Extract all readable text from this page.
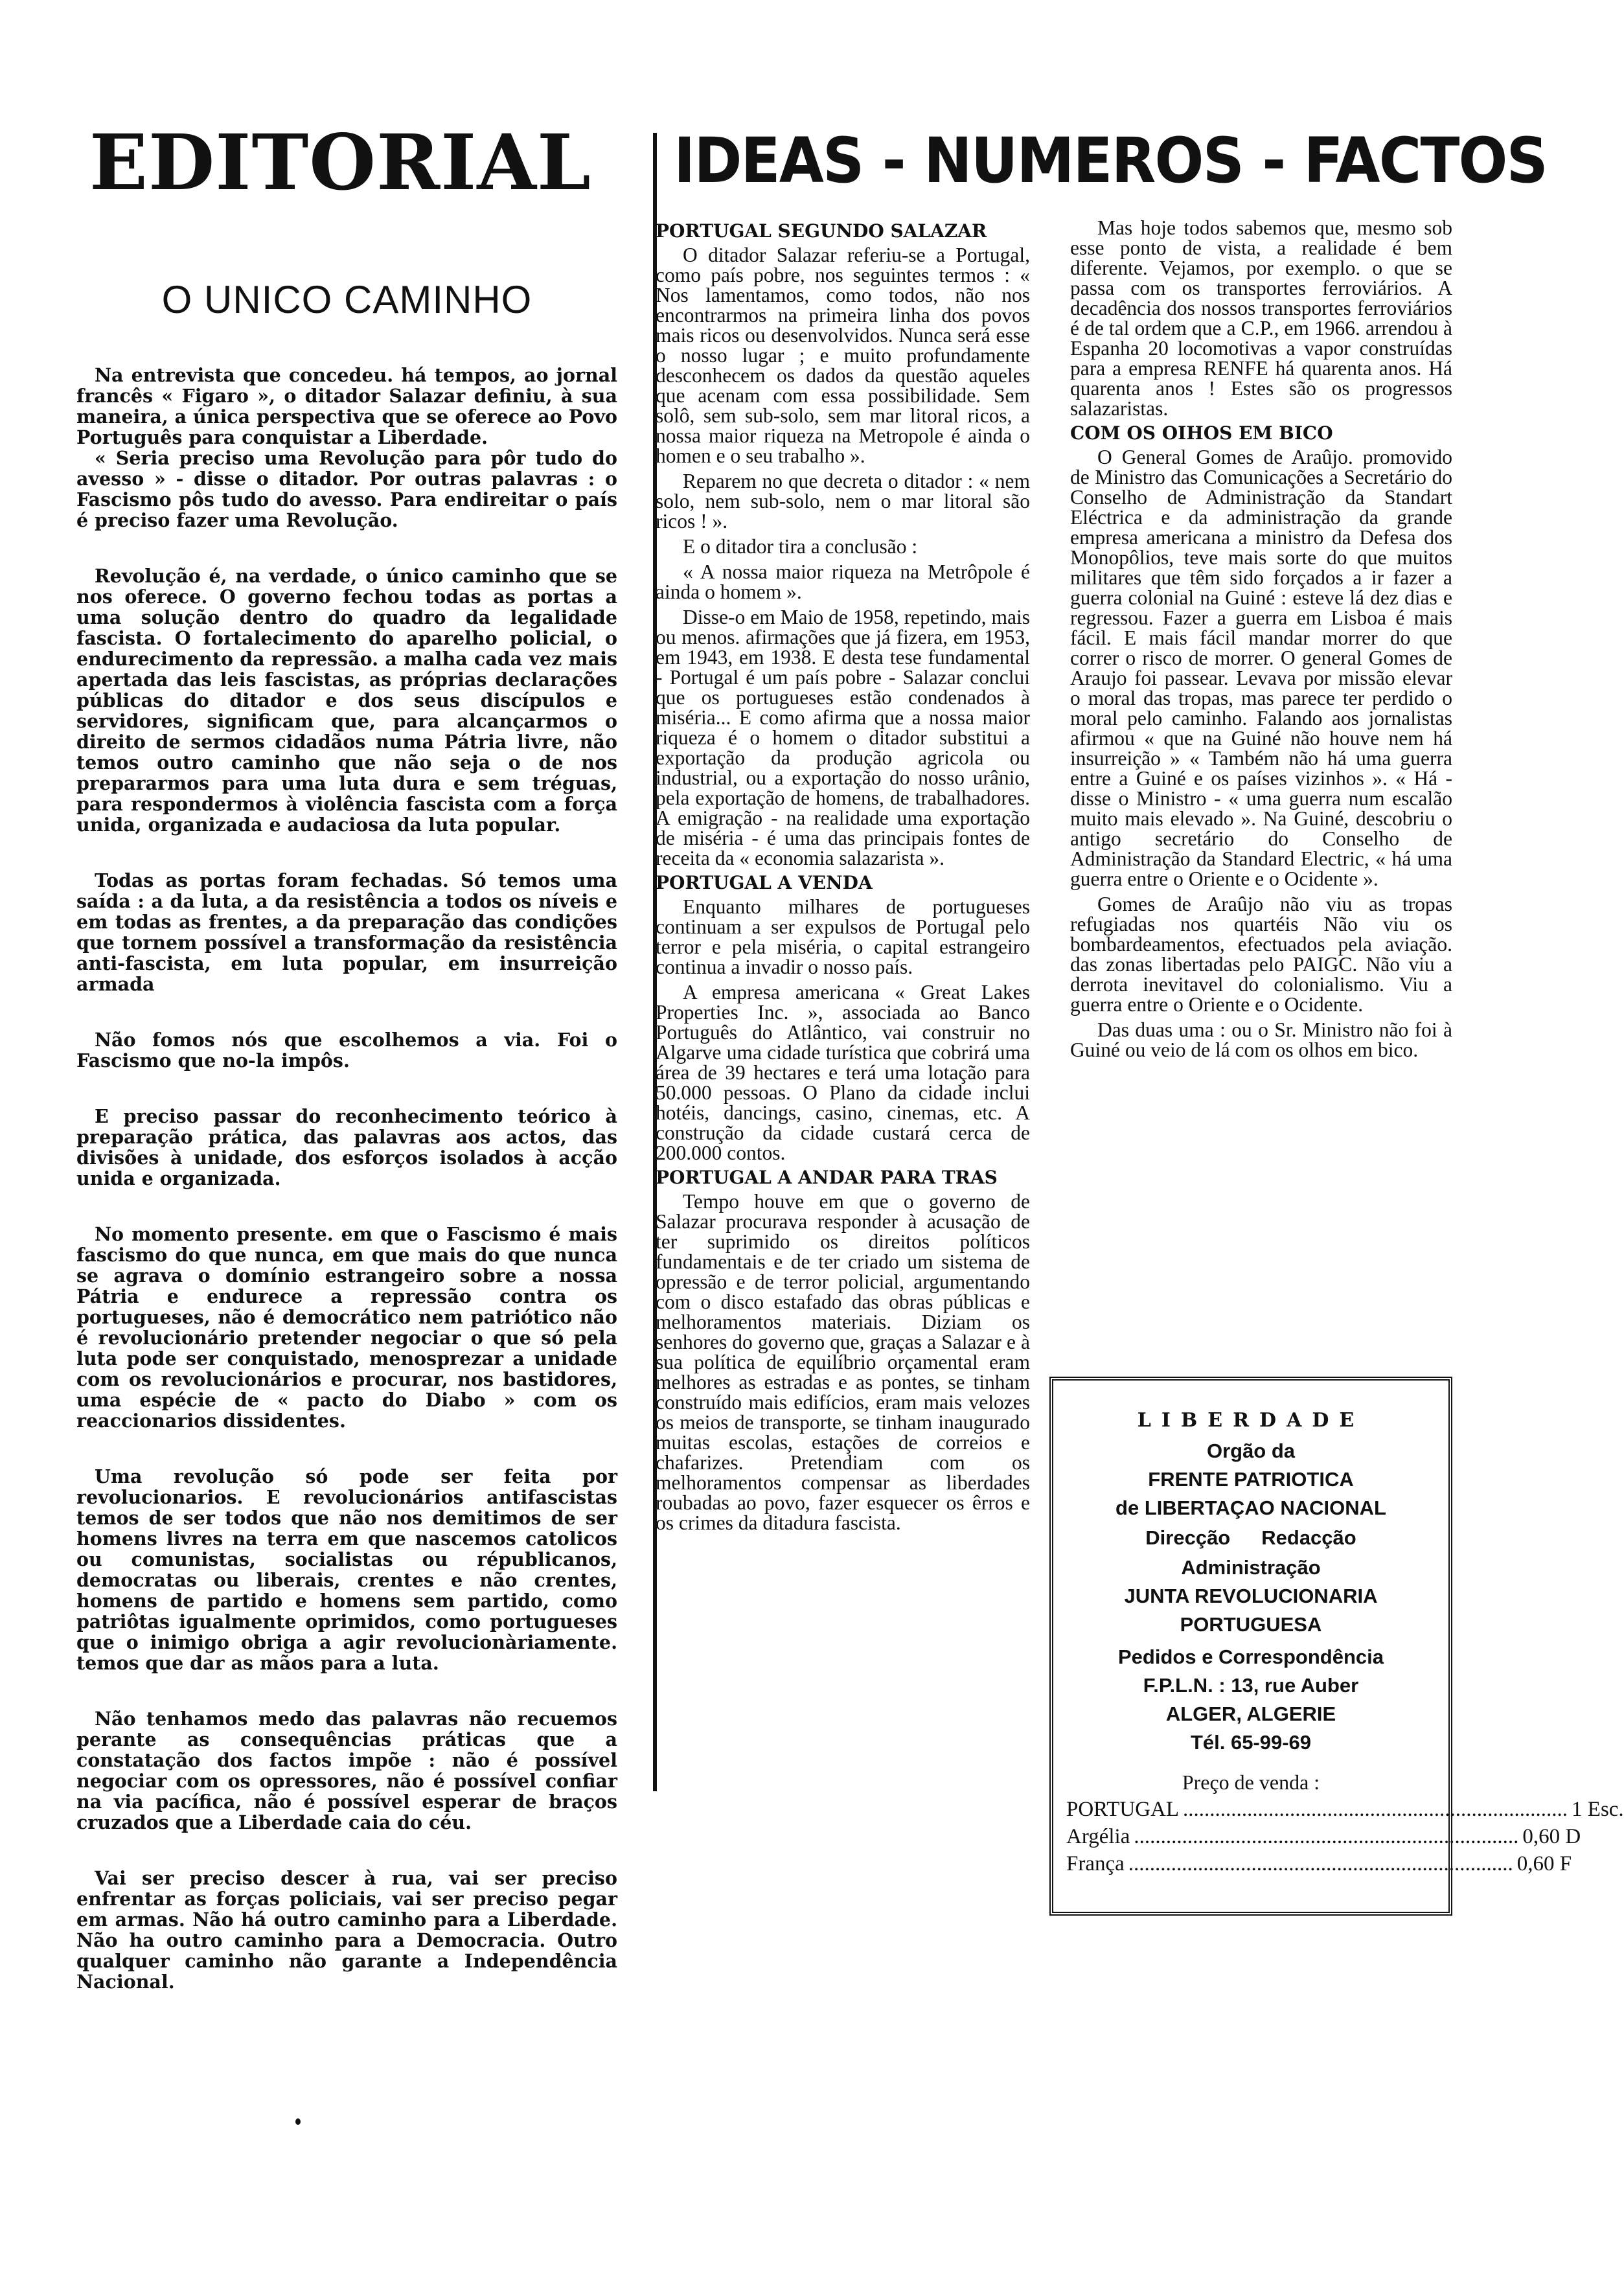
EDITORIAL	IDEAS - NUMEROS - FACTOS
O UNICO CAMINHO

Na entrevista que concedeu. há tempos, ao jornal francês « Figaro », o ditador Salazar definiu, à sua maneira, a única perspectiva que se oferece ao Povo Português para conquistar a Liberdade.

« Seria preciso uma Revolução para pôr tudo do avesso » - disse o ditador. Por outras palavras : o Fascismo pôs tudo do avesso. Para endireitar o país é preciso fazer uma Revolução.

Revolução é, na verdade, o único caminho que se nos oferece. O governo fechou todas as portas a uma solução dentro do quadro da legalidade fascista. O fortalecimento do aparelho policial, o endurecimento da repressão. a malha cada vez mais apertada das leis fascistas, as próprias declarações públicas do ditador e dos seus discípulos e servidores, significam que, para alcançarmos o direito de sermos cidadãos numa Pátria livre, não temos outro caminho que não seja o de nos prepararmos para uma luta dura e sem tréguas, para respondermos à violência fascista com a força unida, organizada e audaciosa da luta popular.

Todas as portas foram fechadas. Só temos uma saída : a da luta, a da resistência a todos os níveis e em todas as frentes, a da preparação das condições que tornem possível a transformação da resistência anti-fascista, em luta popular, em insurreição armada

Não fomos nós que escolhemos a via. Foi o Fascismo que no-la impôs.

E preciso passar do reconhecimento teórico à preparação prática, das palavras aos actos, das divisões à unidade, dos esforços isolados à acção unida e organizada.

No momento presente. em que o Fascismo é mais fascismo do que nunca, em que mais do que nunca se agrava o domínio estrangeiro sobre a nossa Pátria e endurece a repressão contra os portugueses, não é democrático nem patriótico não é revolucionário pretender negociar o que só pela luta pode ser conquistado, menosprezar a unidade com os revolucionários e procurar, nos bastidores, uma espécie de « pacto do Diabo » com os reaccionarios dissidentes.

Uma revolução só pode ser feita por revolucionarios. E revolucionários antifascistas temos de ser todos que não nos demitimos de ser homens livres na terra em que nascemos catolicos ou comunistas, socialistas ou républicanos, democratas ou liberais, crentes e não crentes, homens de partido e homens sem partido, como patriôtas igualmente oprimidos, como portugueses que o inimigo obriga a agir revolucionàriamente. temos que dar as mãos para a luta.

Não tenhamos medo das palavras não recuemos perante as consequências práticas que a constatação dos factos impõe : não é possível negociar com os opressores, não é possível confiar na via pacífica, não é possível esperar de braços cruzados que a Liberdade caia do céu.

Vai ser preciso descer à rua, vai ser preciso enfrentar as forças policiais, vai ser preciso pegar em armas. Não há outro caminho para a Liberdade. Não ha outro caminho para a Democracia. Outro qualquer caminho não garante a Independência Nacional.

PORTUGAL SEGUNDO SALAZAR

O ditador Salazar referiu-se a Portugal, como país pobre, nos seguintes termos : « Nos lamentamos, como todos, não nos encontrarmos na primeira linha dos povos mais ricos ou desenvolvidos. Nunca será esse o nosso lugar ; e muito profundamente desconhecem os dados da questão aqueles que acenam com essa possibilidade. Sem solô, sem sub-solo, sem mar litoral ricos, a nossa maior riqueza na Metropole é ainda o homen e o seu trabalho ».

Reparem no que decreta o ditador : « nem solo, nem sub-solo, nem o mar litoral são ricos ! ».

E o ditador tira a conclusão :

« A nossa maior riqueza na Metrôpole é ainda o homem ».

Disse-o em Maio de 1958, repetindo, mais ou menos. afirmações que já fizera, em 1953, em 1943, em 1938. E desta tese fundamental - Portugal é um país pobre - Salazar conclui que os portugueses estão condenados à miséria... E como afirma que a nossa maior riqueza é o homem o ditador substitui a exportação da produção agricola ou industrial, ou a exportação do nosso urânio, pela exportação de homens, de trabalhadores. A emigração - na realidade uma exportação de miséria - é uma das principais fontes de receita da « economia salazarista ».

PORTUGAL A VENDA

Enquanto milhares de portugueses continuam a ser expulsos de Portugal pelo terror e pela miséria, o capital estrangeiro continua a invadir o nosso país.

A empresa americana « Great Lakes Properties Inc. », associada ao Banco Português do Atlântico, vai construir no Algarve uma cidade turística que cobrirá uma área de 39 hectares e terá uma lotação para 50.000 pessoas. O Plano da cidade inclui hotéis, dancings, casino, cinemas, etc. A construção da cidade custará cerca de 200.000 contos.

PORTUGAL A ANDAR PARA TRAS

Tempo houve em que o governo de Salazar procurava responder à acusação de ter suprimido os direitos políticos fundamentais e de ter criado um sistema de opressão e de terror policial, argumentando com o disco estafado das obras públicas e melhoramentos materiais. Diziam os senhores do governo que, graças a Salazar e à sua política de equilíbrio orçamental eram melhores as estradas e as pontes, se tinham construído mais edifícios, eram mais velozes os meios de transporte, se tinham inaugurado muitas escolas, estações de correios e chafarizes. Pretendiam com os melhoramentos compensar as liberdades roubadas ao povo, fazer esquecer os êrros e os crimes da ditadura fascista.

Mas hoje todos sabemos que, mesmo sob esse ponto de vista, a realidade é bem diferente. Vejamos, por exemplo. o que se passa com os transportes ferroviários. A decadência dos nossos transportes ferroviários é de tal ordem que a C.P., em 1966. arrendou à Espanha 20 locomotivas a vapor construídas para a empresa RENFE há quarenta anos. Há quarenta anos ! Estes são os progressos salazaristas.

COM OS OIHOS EM BICO

O General Gomes de Araûjo. promovido de Ministro das Comunicações a Secretário do Conselho de Administração da Standart Eléctrica e da administração da grande empresa americana a ministro da Defesa dos Monopôlios, teve mais sorte do que muitos militares que têm sido forçados a ir fazer a guerra colonial na Guiné : esteve lá dez dias e regressou. Fazer a guerra em Lisboa é mais fácil. E mais fácil mandar morrer do que correr o risco de morrer. O general Gomes de Araujo foi passear. Levava por missão elevar o moral das tropas, mas parece ter perdido o moral pelo caminho. Falando aos jornalistas afirmou « que na Guiné não houve nem há insurreição » « Também não há uma guerra entre a Guiné e os países vizinhos ». « Há - disse o Ministro - « uma guerra num escalão muito mais elevado ». Na Guiné, descobriu o antigo secretário do Conselho de Administração da Standard Electric, « há uma guerra entre o Oriente e o Ocidente ».

Gomes de Araûjo não viu as tropas refugiadas nos quartéis Não viu os bombardeamentos, efectuados pela aviação. das zonas libertadas pelo PAIGC. Não viu a derrota inevitavel do colonialismo. Viu a guerra entre o Oriente e o Ocidente.

Das duas uma : ou o Sr. Ministro não foi à Guiné ou veio de lá com os olhos em bico.

LIBERDADE
Orgão da
FRENTE PATRIOTICA
de LIBERTAÇAO NACIONAL
Direcção Redacção
Administração
JUNTA REVOLUCIONARIA
PORTUGUESA
Pedidos e Correspondência
F.P.L.N. : 13, rue Auber
ALGER, ALGERIE
Tél. 65-99-69
Preço de venda :
PORTUGAL ........................................................................ 1 Esc.
Argélia ........................................................................ 0,60 D
França ........................................................................ 0,60 F
